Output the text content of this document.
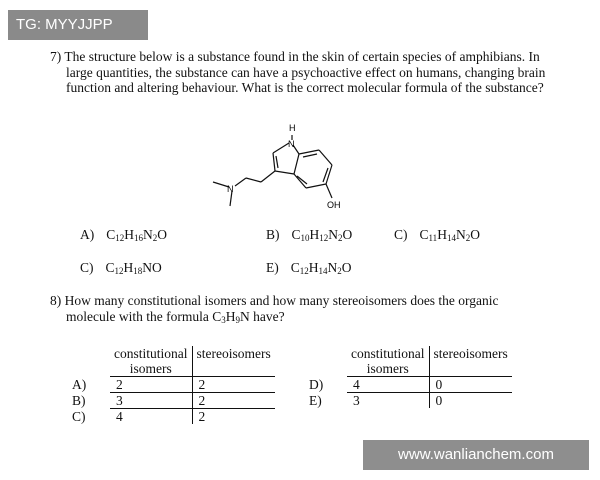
TG: MYYJJPP
7) The structure below is a substance found in the skin of certain species of amphibians. In large quantities, the substance can have a psychoactive effect on humans, changing brain function and altering behaviour. What is the correct molecular formula of the substance?
H
N
N
OH
A) $C_{12}H_{16}N_2O$	B) $C_{10}H_{12}N_2O$	C) $C_{11}H_{14}N_2O$
C) $C_{12}H_{18}NO$	E) $C_{12}H_{14}N_2O$
8) How many constitutional isomers and how many stereoisomers does the organic molecule with the formula $C_3H_9N$ have?
	constitutional	stereoisomers
	isomers	
A)	2	2
B)	3	2
C)	4	2
	constitutional	stereoisomers
	isomers	
D)	4	0
E)	3	0
www.wanlianchem.com
